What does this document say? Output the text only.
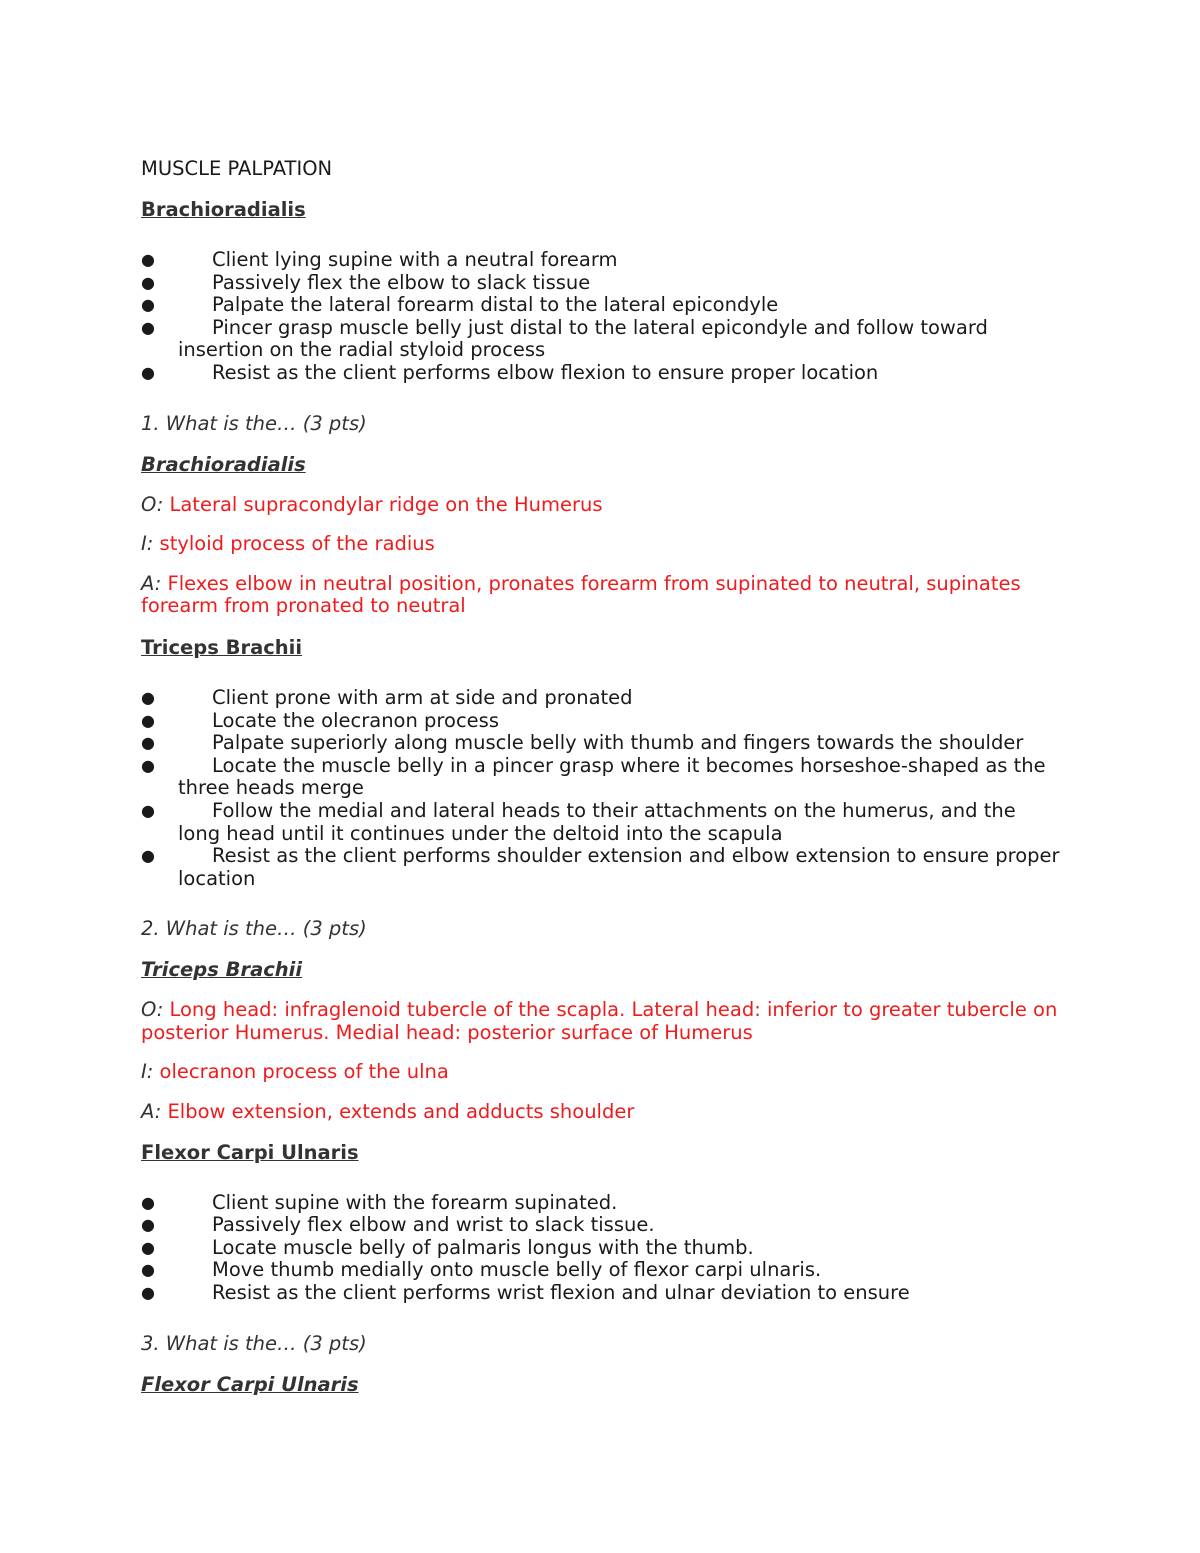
MUSCLE PALPATION

Brachioradialis

●	Client lying supine with a neutral forearm
●	Passively flex the elbow to slack tissue
●	Palpate the lateral forearm distal to the lateral epicondyle
●	Pincer grasp muscle belly just distal to the lateral epicondyle and follow toward insertion on the radial styloid process
●	Resist as the client performs elbow flexion to ensure proper location

1. What is the… (3 pts)

Brachioradialis

O: Lateral supracondylar ridge on the Humerus

I: styloid process of the radius

A: Flexes elbow in neutral position, pronates forearm from supinated to neutral, supinates forearm from pronated to neutral

Triceps Brachii

●	Client prone with arm at side and pronated
●	Locate the olecranon process
●	Palpate superiorly along muscle belly with thumb and fingers towards the shoulder
●	Locate the muscle belly in a pincer grasp where it becomes horseshoe-shaped as the three heads merge
●	Follow the medial and lateral heads to their attachments on the humerus, and the long head until it continues under the deltoid into the scapula
●	Resist as the client performs shoulder extension and elbow extension to ensure proper location

2. What is the… (3 pts)

Triceps Brachii

O: Long head: infraglenoid tubercle of the scapla. Lateral head: inferior to greater tubercle on posterior Humerus. Medial head: posterior surface of Humerus

I: olecranon process of the ulna

A: Elbow extension, extends and adducts shoulder

Flexor Carpi Ulnaris

●	Client supine with the forearm supinated.
●	Passively flex elbow and wrist to slack tissue.
●	Locate muscle belly of palmaris longus with the thumb.
●	Move thumb medially onto muscle belly of flexor carpi ulnaris.
●	Resist as the client performs wrist flexion and ulnar deviation to ensure

3. What is the… (3 pts)

Flexor Carpi Ulnaris
